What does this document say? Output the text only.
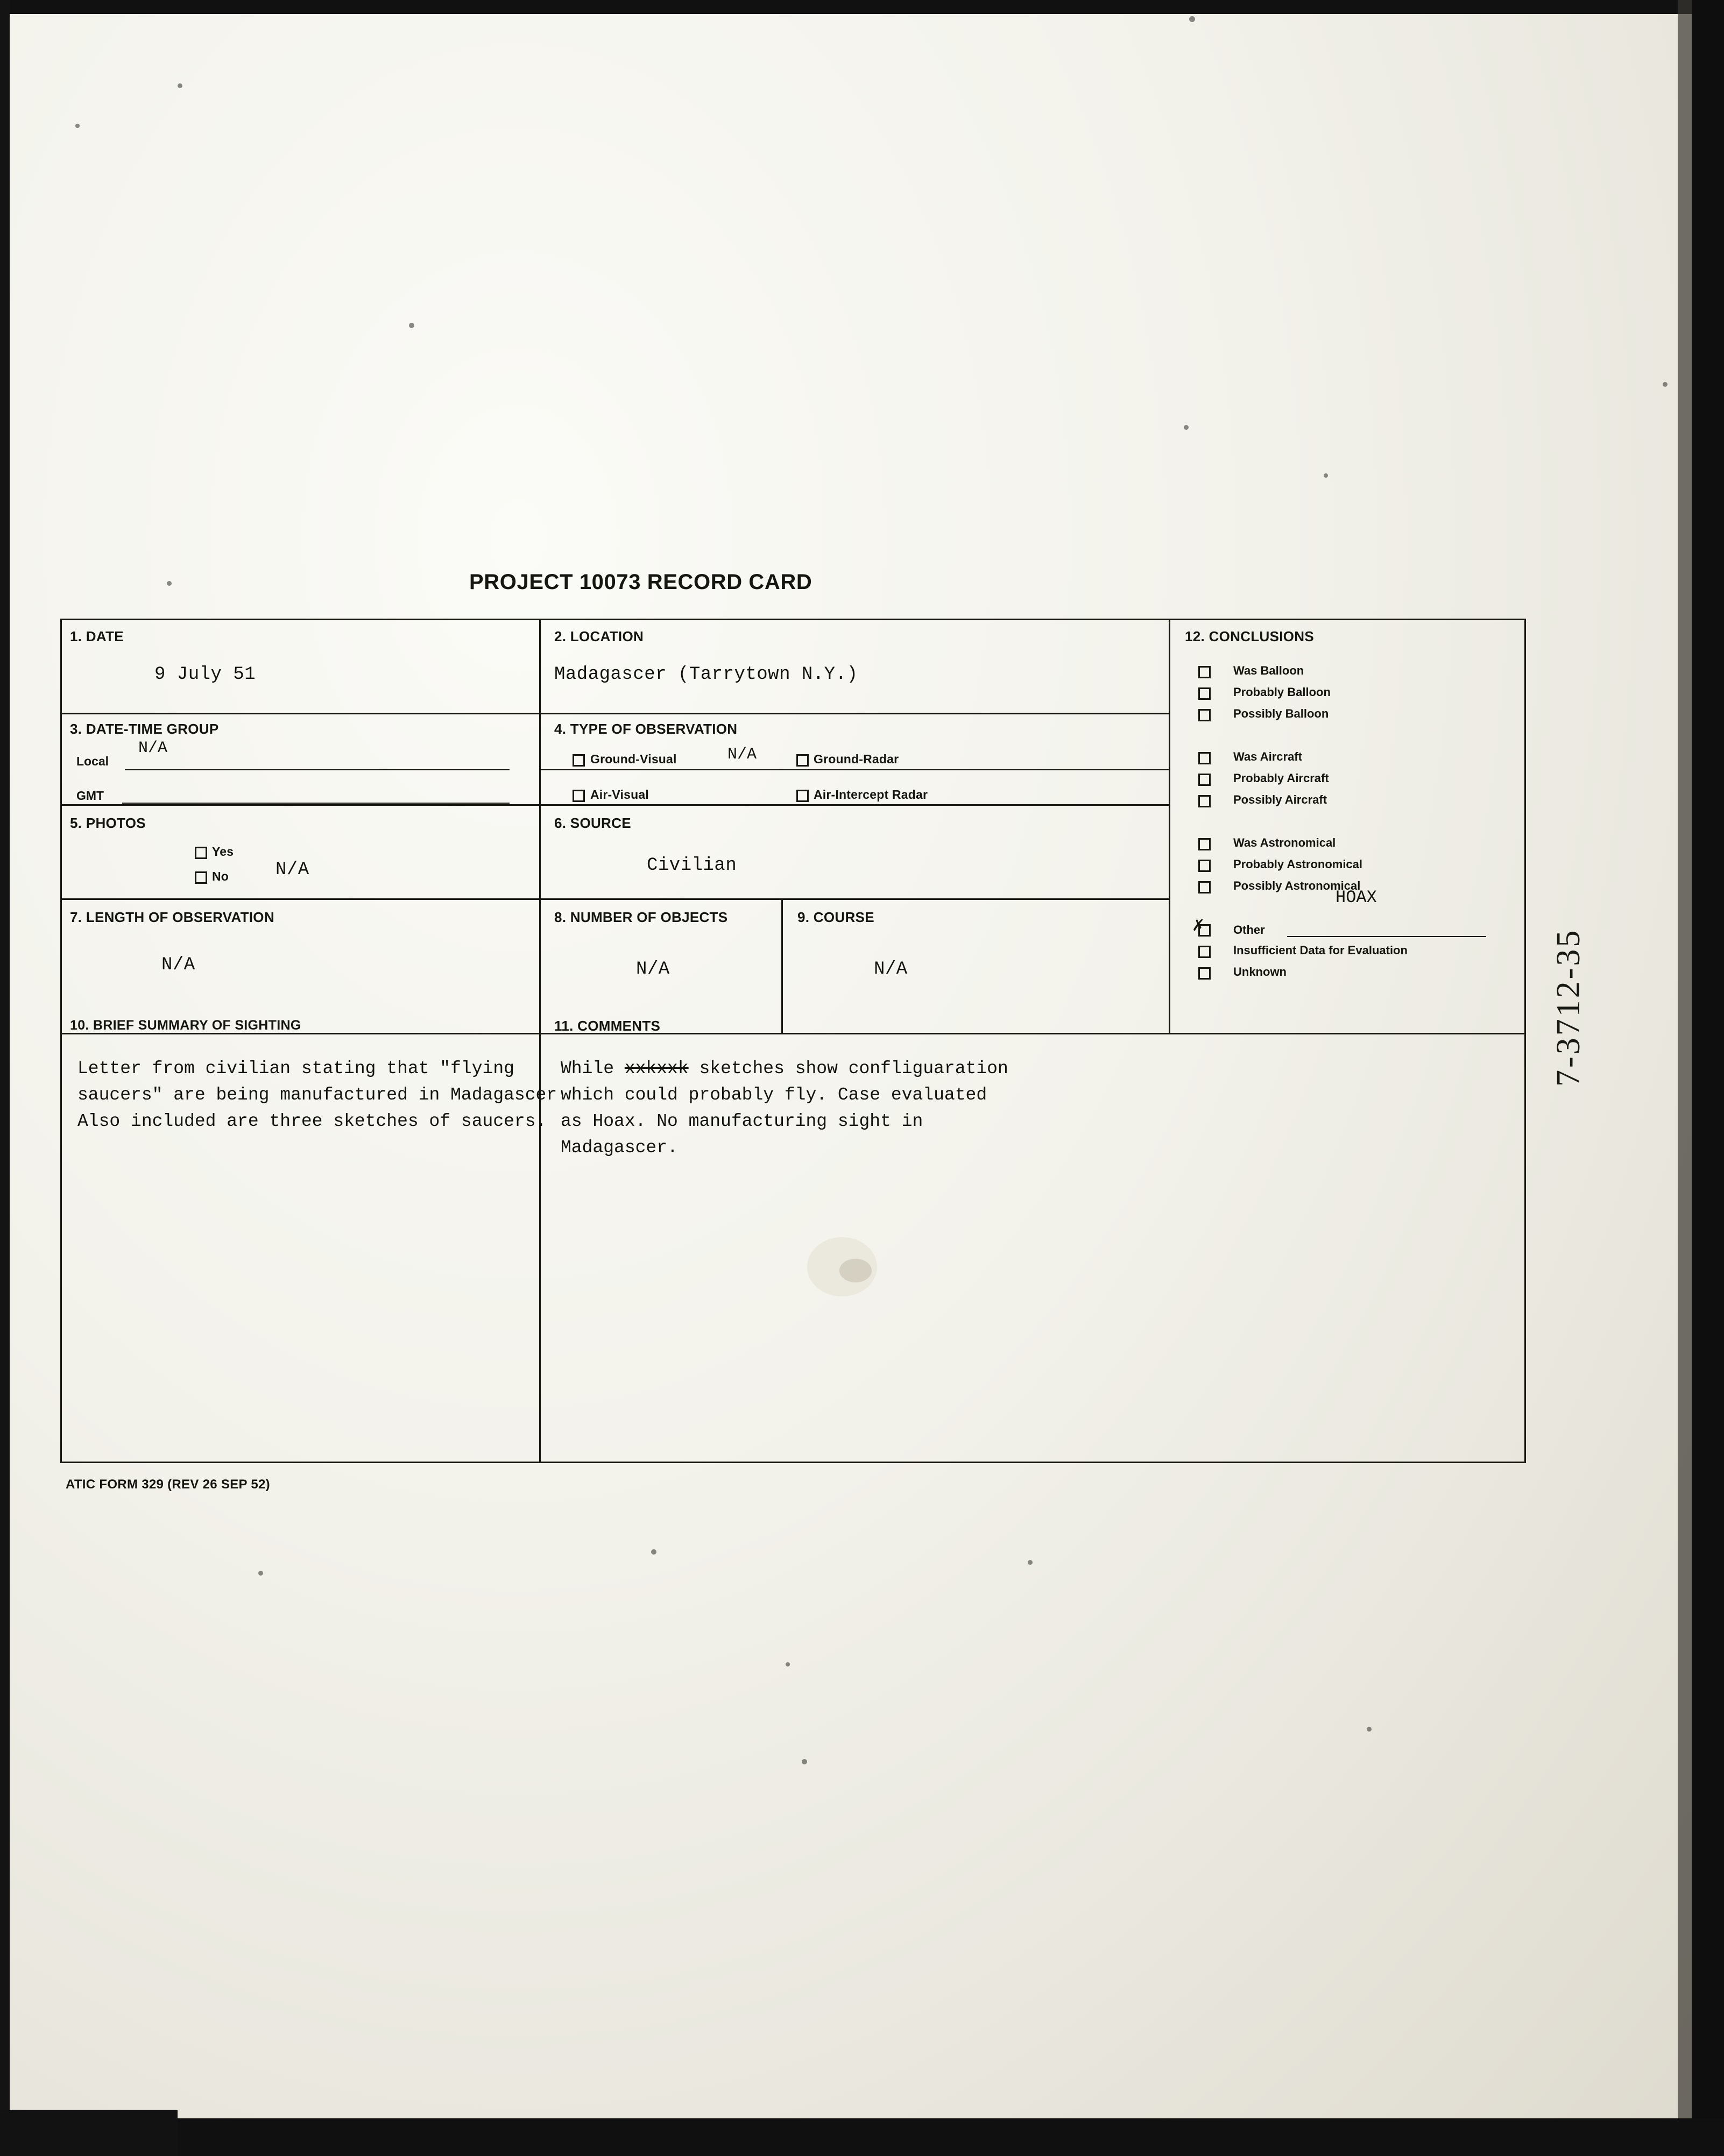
PROJECT 10073 RECORD CARD
1. DATE
9 July 51
2. LOCATION
Madagascer (Tarrytown N.Y.)
3. DATE-TIME GROUP
Local
N/A
GMT
4. TYPE OF OBSERVATION
Ground-Visual	N/A	Ground-Radar
Air-Visual	Air-Intercept Radar
5. PHOTOS
Yes
No	N/A
6. SOURCE
Civilian
7. LENGTH OF OBSERVATION
N/A
8. NUMBER OF OBJECTS
N/A
9. COURSE
N/A
10. BRIEF SUMMARY OF SIGHTING	11. COMMENTS
Letter from civilian stating that "flying
saucers" are being manufactured in Madagascer
Also included are three sketches of saucers.
While xxkxxk sketches show confliguaration
which could probably fly. Case evaluated
as Hoax. No manufacturing sight in
Madagascer.
12. CONCLUSIONS
Was Balloon
Probably Balloon
Possibly Balloon
Was Aircraft
Probably Aircraft
Possibly Aircraft
Was Astronomical
Probably Astronomical
Possibly Astronomical
✗ Other
HOAX
Insufficient Data for Evaluation
Unknown
ATIC FORM 329 (REV 26 SEP 52)
7-3712-35
